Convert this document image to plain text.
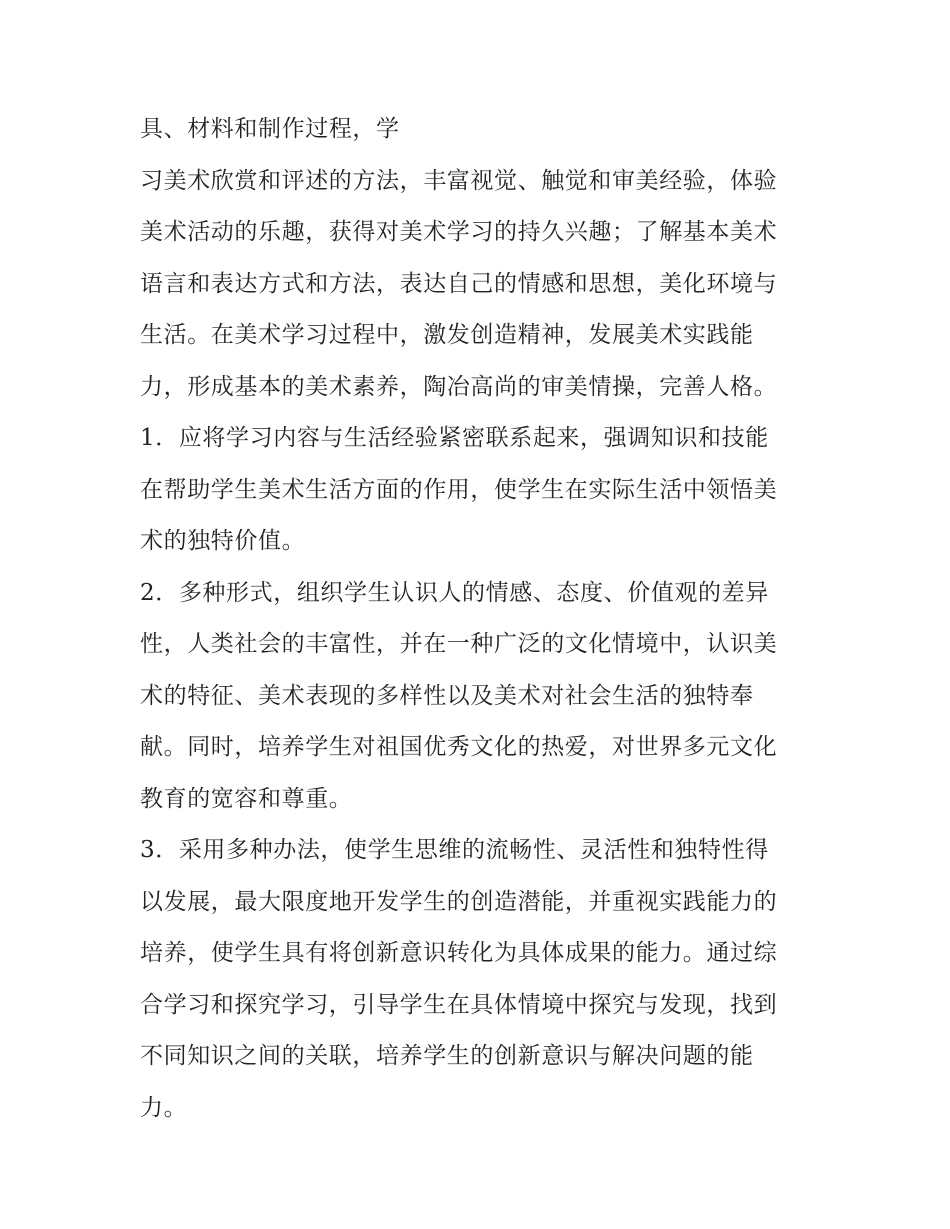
具、材料和制作过程，学
习美术欣赏和评述的方法，丰富视觉、触觉和审美经验，体验
美术活动的乐趣，获得对美术学习的持久兴趣；了解基本美术
语言和表达方式和方法，表达自己的情感和思想，美化环境与
生活。在美术学习过程中，激发创造精神，发展美术实践能
力，形成基本的美术素养，陶冶高尚的审美情操，完善人格。
1．应将学习内容与生活经验紧密联系起来，强调知识和技能
在帮助学生美术生活方面的作用，使学生在实际生活中领悟美
术的独特价值。
2．多种形式，组织学生认识人的情感、态度、价值观的差异
性，人类社会的丰富性，并在一种广泛的文化情境中，认识美
术的特征、美术表现的多样性以及美术对社会生活的独特奉
献。同时，培养学生对祖国优秀文化的热爱，对世界多元文化
教育的宽容和尊重。
3．采用多种办法，使学生思维的流畅性、灵活性和独特性得
以发展，最大限度地开发学生的创造潜能，并重视实践能力的
培养，使学生具有将创新意识转化为具体成果的能力。通过综
合学习和探究学习，引导学生在具体情境中探究与发现，找到
不同知识之间的关联，培养学生的创新意识与解决问题的能
力。
